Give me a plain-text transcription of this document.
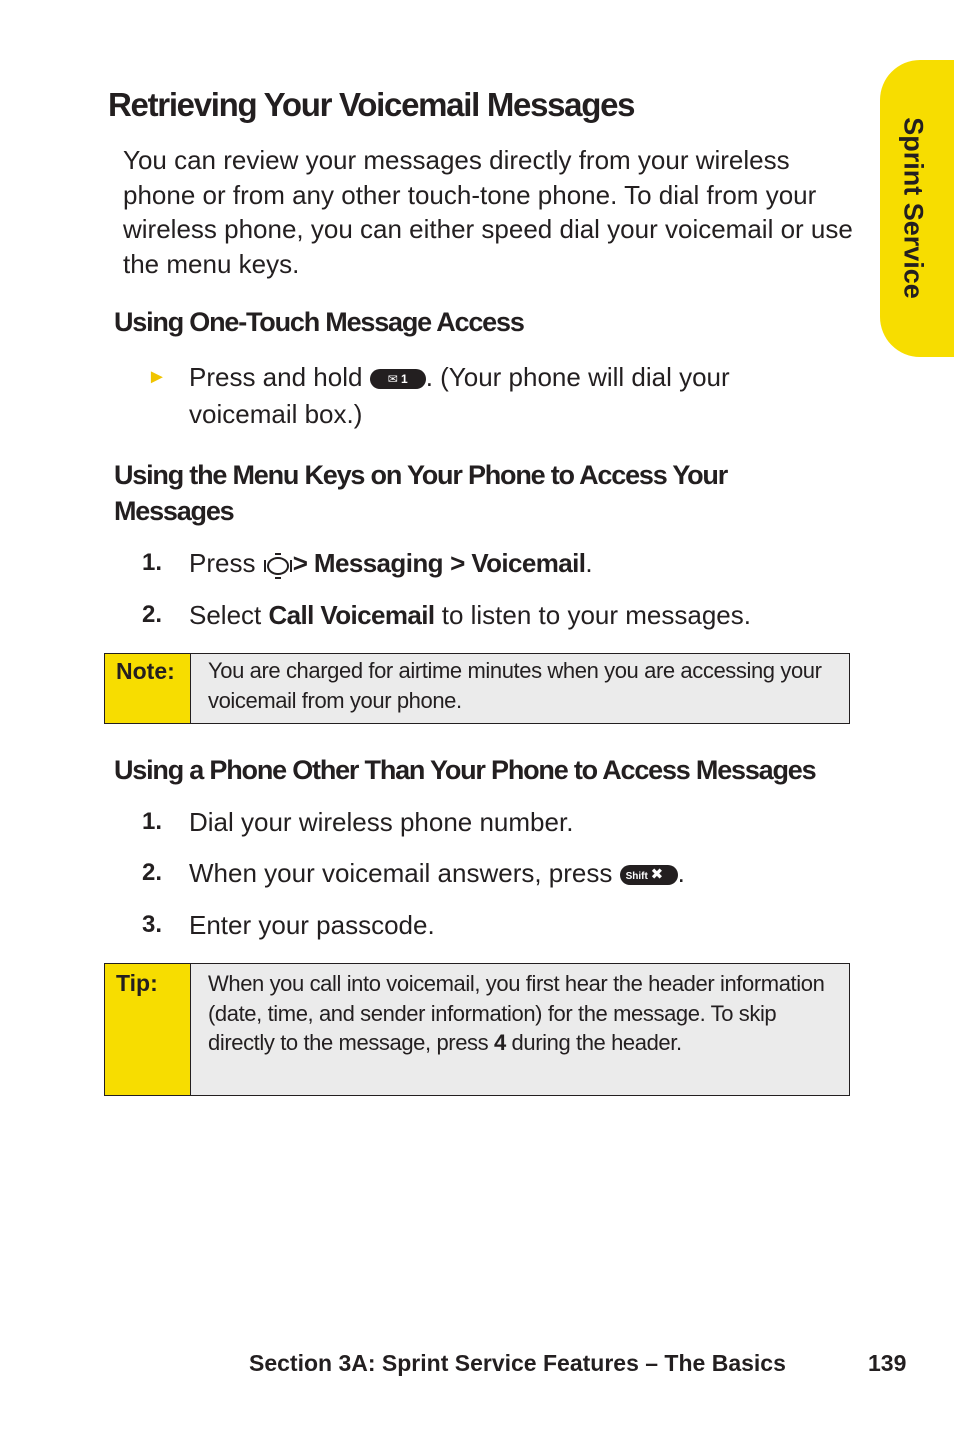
Sprint Service
Retrieving Your Voicemail Messages

You can review your messages directly from your wireless phone or from any other touch-tone phone. To dial from your wireless phone, you can either speed dial your voicemail or use the menu keys.

Using One-Touch Message Access
► Press and hold ✉ 1 . (Your phone will dial your
voicemail box.)
Using the Menu Keys on Your Phone to Access Your
Messages
1. Press > Messaging > Voicemail.
2. Select Call Voicemail to listen to your messages.
Note: You are charged for airtime minutes when you are accessing your voicemail from your phone.
Using a Phone Other Than Your Phone to Access Messages
1. Dial your wireless phone number.
2. When your voicemail answers, press Shift ✖ .
3. Enter your passcode.
Tip: When you call into voicemail, you first hear the header information (date, time, and sender information) for the message. To skip directly to the message, press 4 during the header.
Section 3A: Sprint Service Features – The Basics	139
